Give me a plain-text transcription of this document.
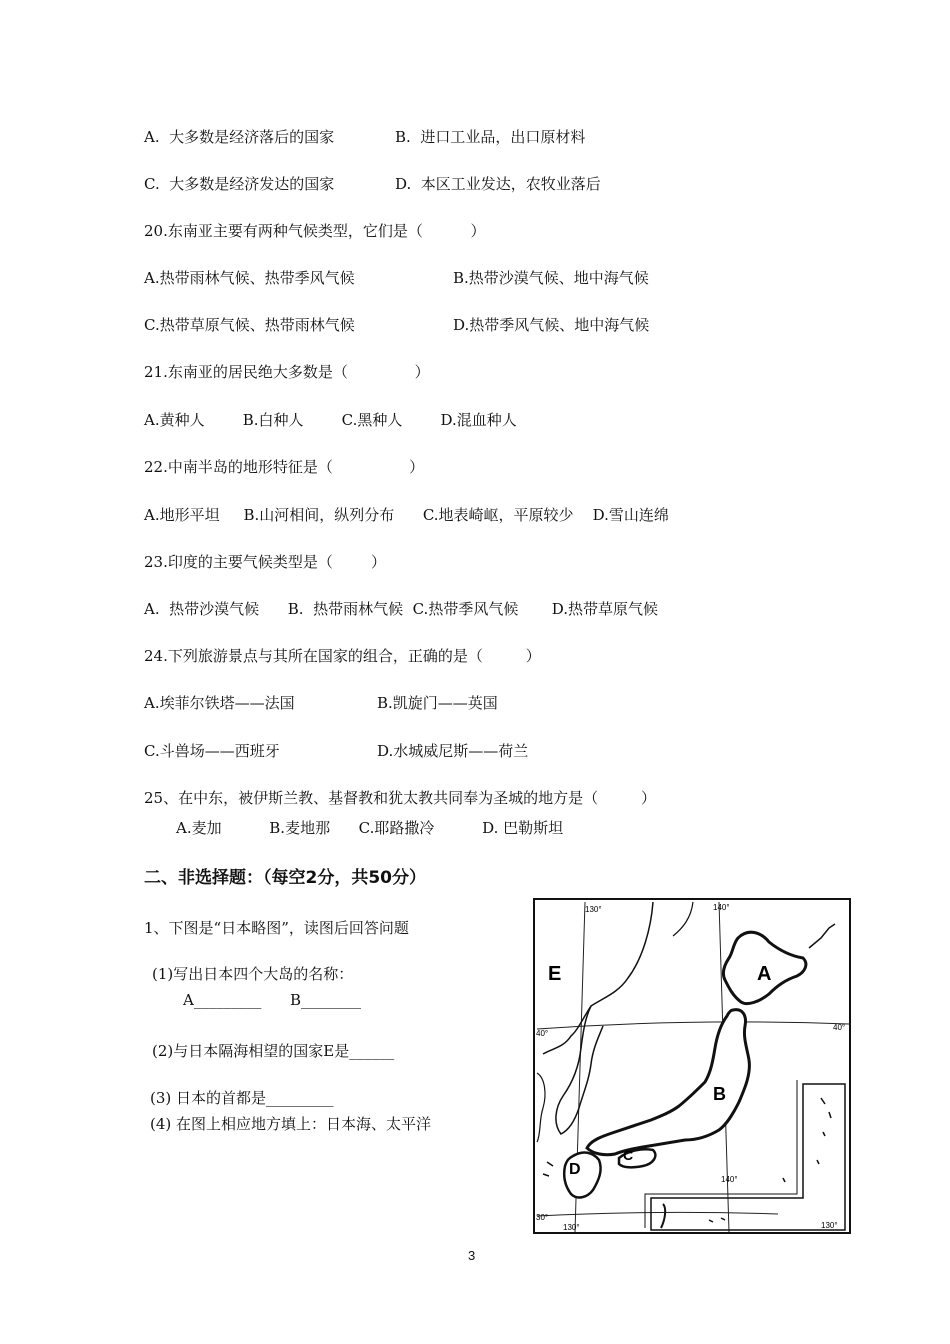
A.  大多数是经济落后的国家	B.  进口工业品，出口原材料
C.  大多数是经济发达的国家	D.  本区工业发达，农牧业落后
20.东南亚主要有两种气候类型，它们是（          ）
A.热带雨林气候、热带季风气候	B.热带沙漠气候、地中海气候
C.热带草原气候、热带雨林气候	D.热带季风气候、地中海气候
21.东南亚的居民绝大多数是（              ）
A.黄种人        B.白种人        C.黑种人        D.混血种人
22.中南半岛的地形特征是（                ）
A.地形平坦     B.山河相间，纵列分布      C.地表崎岖，平原较少    D.雪山连绵
23.印度的主要气候类型是（        ）
A.  热带沙漠气候      B.  热带雨林气候  C.热带季风气候       D.热带草原气候
24.下列旅游景点与其所在国家的组合，正确的是（         ）
A.埃菲尔铁塔——法国	B.凯旋门——英国
C.斗兽场——西班牙	D.水城威尼斯——荷兰
25、在中东，被伊斯兰教、基督教和犹太教共同奉为圣城的地方是（         ）
A.麦加          B.麦地那      C.耶路撒冷          D. 巴勒斯坦
二、非选择题：（每空2分，共50分）
1、下图是“日本略图”，读图后回答问题
(1)写出日本四个大岛的名称：
A_________      B________
(2)与日本隔海相望的国家E是______
(3) 日本的首都是_________
(4) 在图上相应地方填上：日本海、太平洋
A
B
C
D
E
130°	140°
40°
40°
30°
130°
140°
130°
3
